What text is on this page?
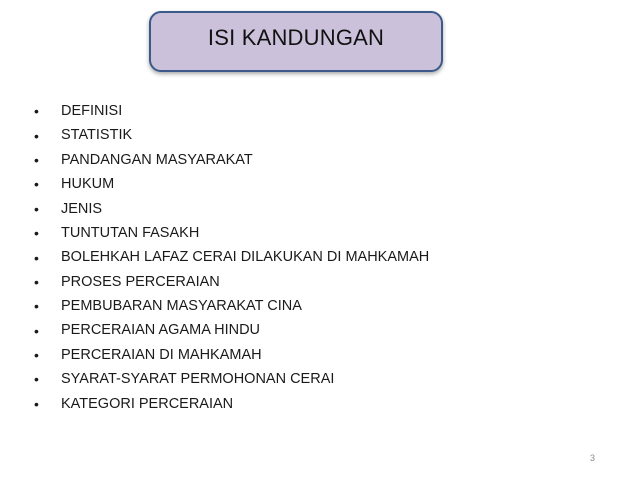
ISI KANDUNGAN
•	DEFINISI
•	STATISTIK
•	PANDANGAN MASYARAKAT
•	HUKUM
•	JENIS
•	TUNTUTAN FASAKH
•	BOLEHKAH LAFAZ CERAI DILAKUKAN DI MAHKAMAH
•	PROSES PERCERAIAN
•	PEMBUBARAN MASYARAKAT CINA
•	PERCERAIAN AGAMA HINDU
•	PERCERAIAN DI MAHKAMAH
•	SYARAT-SYARAT PERMOHONAN CERAI
•	KATEGORI PERCERAIAN
3
